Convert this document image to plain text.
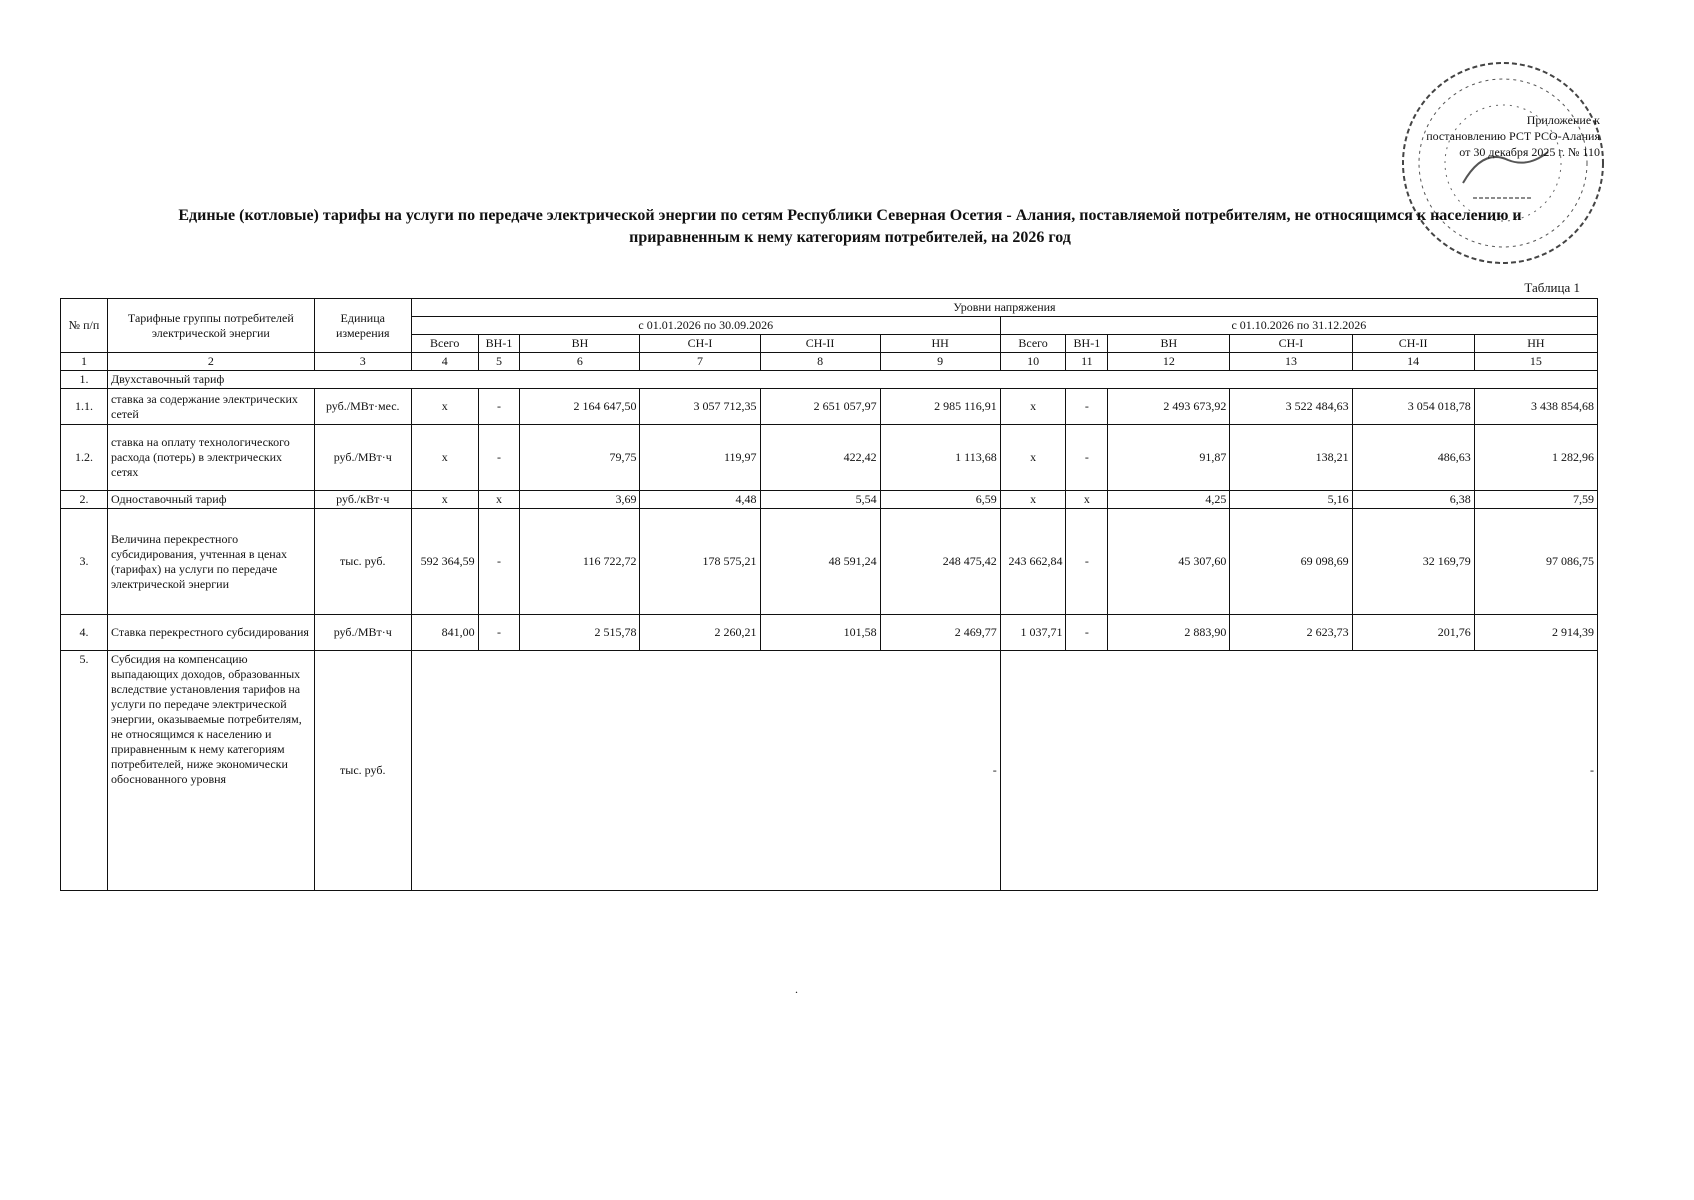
Приложение к
постановлению РСТ РСО-Алания
от 30 декабря 2025 г. № 110
Единые (котловые) тарифы на услуги по передаче электрической энергии по сетям Республики Северная Осетия - Алания, поставляемой потребителям, не относящимся к населению и
приравненным к нему категориям потребителей, на 2026 год
Таблица 1
№ п/п	Тарифные группы потребителей электрической энергии	Единица измерения	Уровни напряжения											
			с 01.01.2026 по 30.09.2026						с 01.10.2026 по 31.12.2026					
			Всего	ВН-1	ВН	СН-I	СН-II	НН	Всего	ВН-1	ВН	СН-I	СН-II	НН
1	2	3	4	5	6	7	8	9	10	11	12	13	14	15
1.	Двухставочный тариф													
1.1.	ставка за содержание электрических сетей	руб./МВт·мес.	х	-	2 164 647,50	3 057 712,35	2 651 057,97	2 985 116,91	х	-	2 493 673,92	3 522 484,63	3 054 018,78	3 438 854,68
1.2.	ставка на оплату технологического расхода (потерь) в электрических сетях	руб./МВт·ч	х	-	79,75	119,97	422,42	1 113,68	х	-	91,87	138,21	486,63	1 282,96
2.	Одноставочный тариф	руб./кВт·ч	х	х	3,69	4,48	5,54	6,59	х	х	4,25	5,16	6,38	7,59
3.	Величина перекрестного субсидирования, учтенная в ценах (тарифах) на услуги по передаче электрической энергии	тыс. руб.	592 364,59	-	116 722,72	178 575,21	48 591,24	248 475,42	243 662,84	-	45 307,60	69 098,69	32 169,79	97 086,75
4.	Ставка перекрестного субсидирования	руб./МВт·ч	841,00	-	2 515,78	2 260,21	101,58	2 469,77	1 037,71	-	2 883,90	2 623,73	201,76	2 914,39
5.	Субсидия на компенсацию выпадающих доходов, образованных вследствие установления тарифов на услуги по передаче электрической энергии, оказываемые потребителям, не относящимся к населению и приравненным к нему категориям потребителей, ниже экономически обоснованного уровня	тыс. руб.	-						-					
.
